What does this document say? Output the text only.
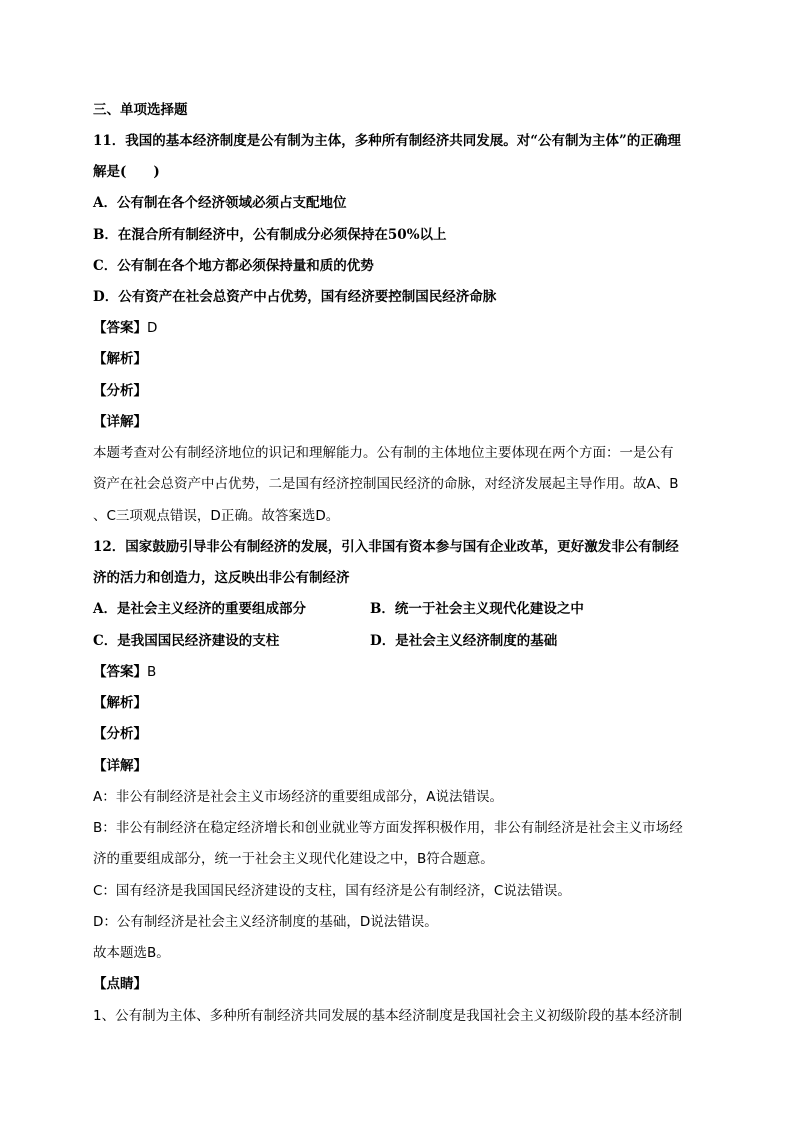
三、单项选择题
11．我国的基本经济制度是公有制为主体，多种所有制经济共同发展。对“公有制为主体”的正确理
解是(　　)
A．公有制在各个经济领域必须占支配地位
B．在混合所有制经济中，公有制成分必须保持在50%以上
C．公有制在各个地方都必须保持量和质的优势
D．公有资产在社会总资产中占优势，国有经济要控制国民经济命脉
【答案】D
【解析】
【分析】
【详解】
本题考查对公有制经济地位的识记和理解能力。公有制的主体地位主要体现在两个方面：一是公有
资产在社会总资产中占优势，二是国有经济控制国民经济的命脉，对经济发展起主导作用。故A、B
、C三项观点错误，D正确。故答案选D。
12．国家鼓励引导非公有制经济的发展，引入非国有资本参与国有企业改革，更好激发非公有制经
济的活力和创造力，这反映出非公有制经济
A．是社会主义经济的重要组成部分	B．统一于社会主义现代化建设之中
C．是我国国民经济建设的支柱	D．是社会主义经济制度的基础
【答案】B
【解析】
【分析】
【详解】
A：非公有制经济是社会主义市场经济的重要组成部分，A说法错误。
B：非公有制经济在稳定经济增长和创业就业等方面发挥积极作用，非公有制经济是社会主义市场经
济的重要组成部分，统一于社会主义现代化建设之中，B符合题意。
C：国有经济是我国国民经济建设的支柱，国有经济是公有制经济，C说法错误。
D：公有制经济是社会主义经济制度的基础，D说法错误。
故本题选B。
【点睛】
1、公有制为主体、多种所有制经济共同发展的基本经济制度是我国社会主义初级阶段的基本经济制
